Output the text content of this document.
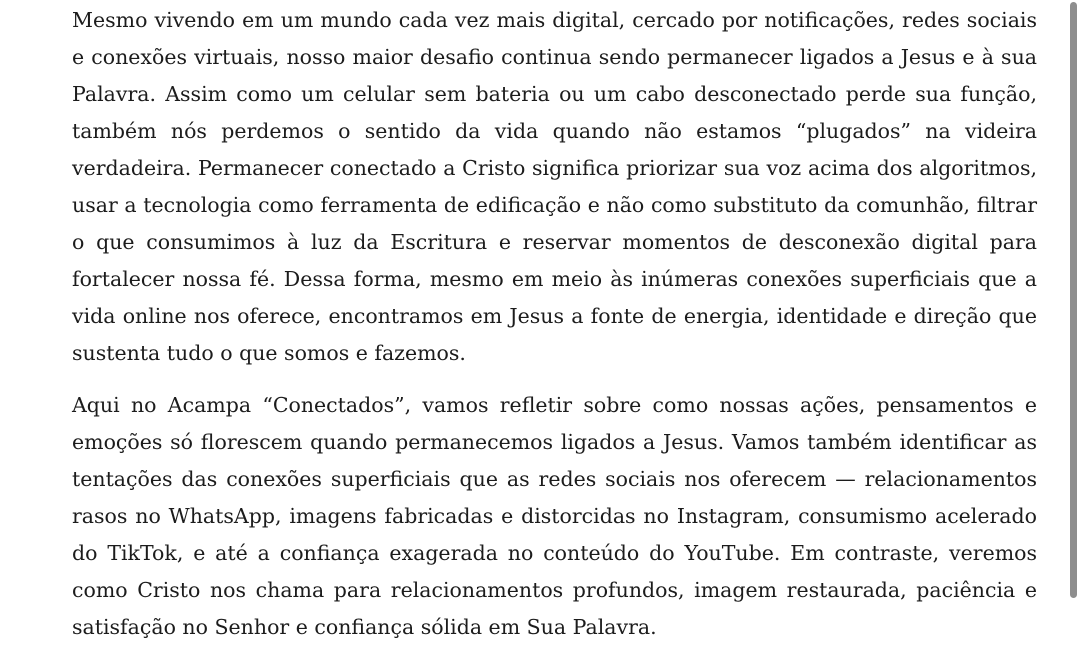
Mesmo vivendo em um mundo cada vez mais digital, cercado por notificações, redes sociais e conexões virtuais, nosso maior desafio continua sendo permanecer ligados a Jesus e à sua Palavra. Assim como um celular sem bateria ou um cabo desconectado perde sua função, também nós perdemos o sentido da vida quando não estamos “plugados” na videira verdadeira. Permanecer conectado a Cristo significa priorizar sua voz acima dos algoritmos, usar a tecnologia como ferramenta de edificação e não como substituto da comunhão, filtrar o que consumimos à luz da Escritura e reservar momentos de desconexão digital para fortalecer nossa fé. Dessa forma, mesmo em meio às inúmeras conexões superficiais que a vida online nos oferece, encontramos em Jesus a fonte de energia, identidade e direção que sustenta tudo o que somos e fazemos.

Aqui no Acampa “Conectados”, vamos refletir sobre como nossas ações, pensamentos e emoções só florescem quando permanecemos ligados a Jesus. Vamos também identificar as tentações das conexões superficiais que as redes sociais nos oferecem — relacionamentos rasos no WhatsApp, imagens fabricadas e distorcidas no Instagram, consumismo acelerado do TikTok, e até a confiança exagerada no conteúdo do YouTube. Em contraste, veremos como Cristo nos chama para relacionamentos profundos, imagem restaurada, paciência e satisfação no Senhor e confiança sólida em Sua Palavra.
